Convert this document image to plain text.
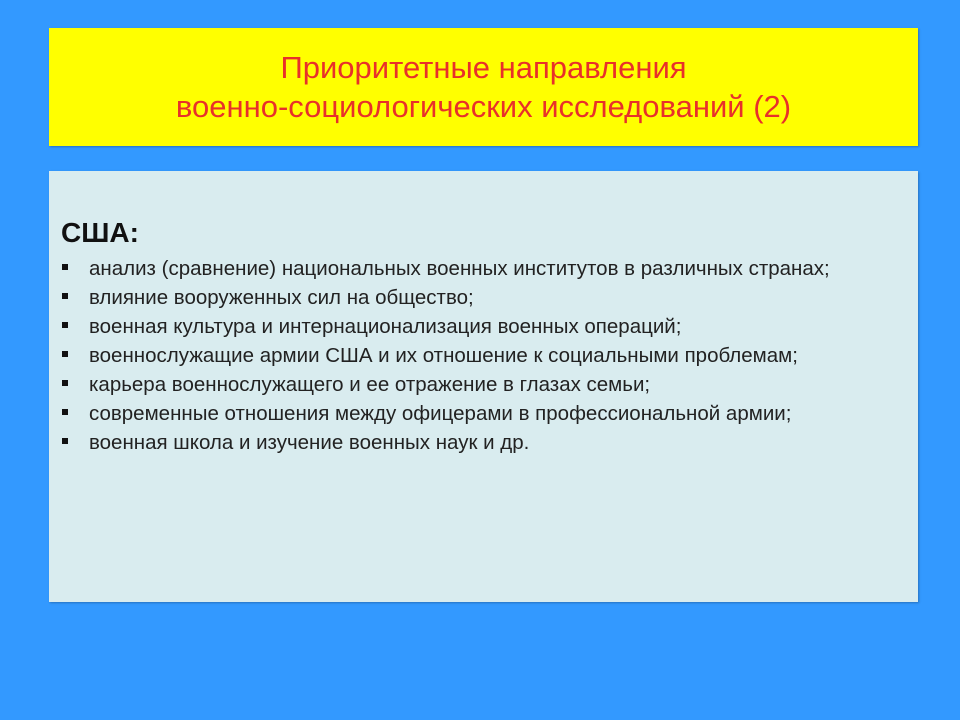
Приоритетные направления
военно-социологических исследований (2)
США:
анализ (сравнение) национальных военных институтов в различных странах;
влияние вооруженных сил на общество;
военная культура и интернационализация военных операций;
военнослужащие армии США и их отношение к социальными проблемам;
карьера военнослужащего и ее отражение в глазах семьи;
современные отношения между офицерами в профессиональной армии;
военная школа и изучение военных наук и др.
